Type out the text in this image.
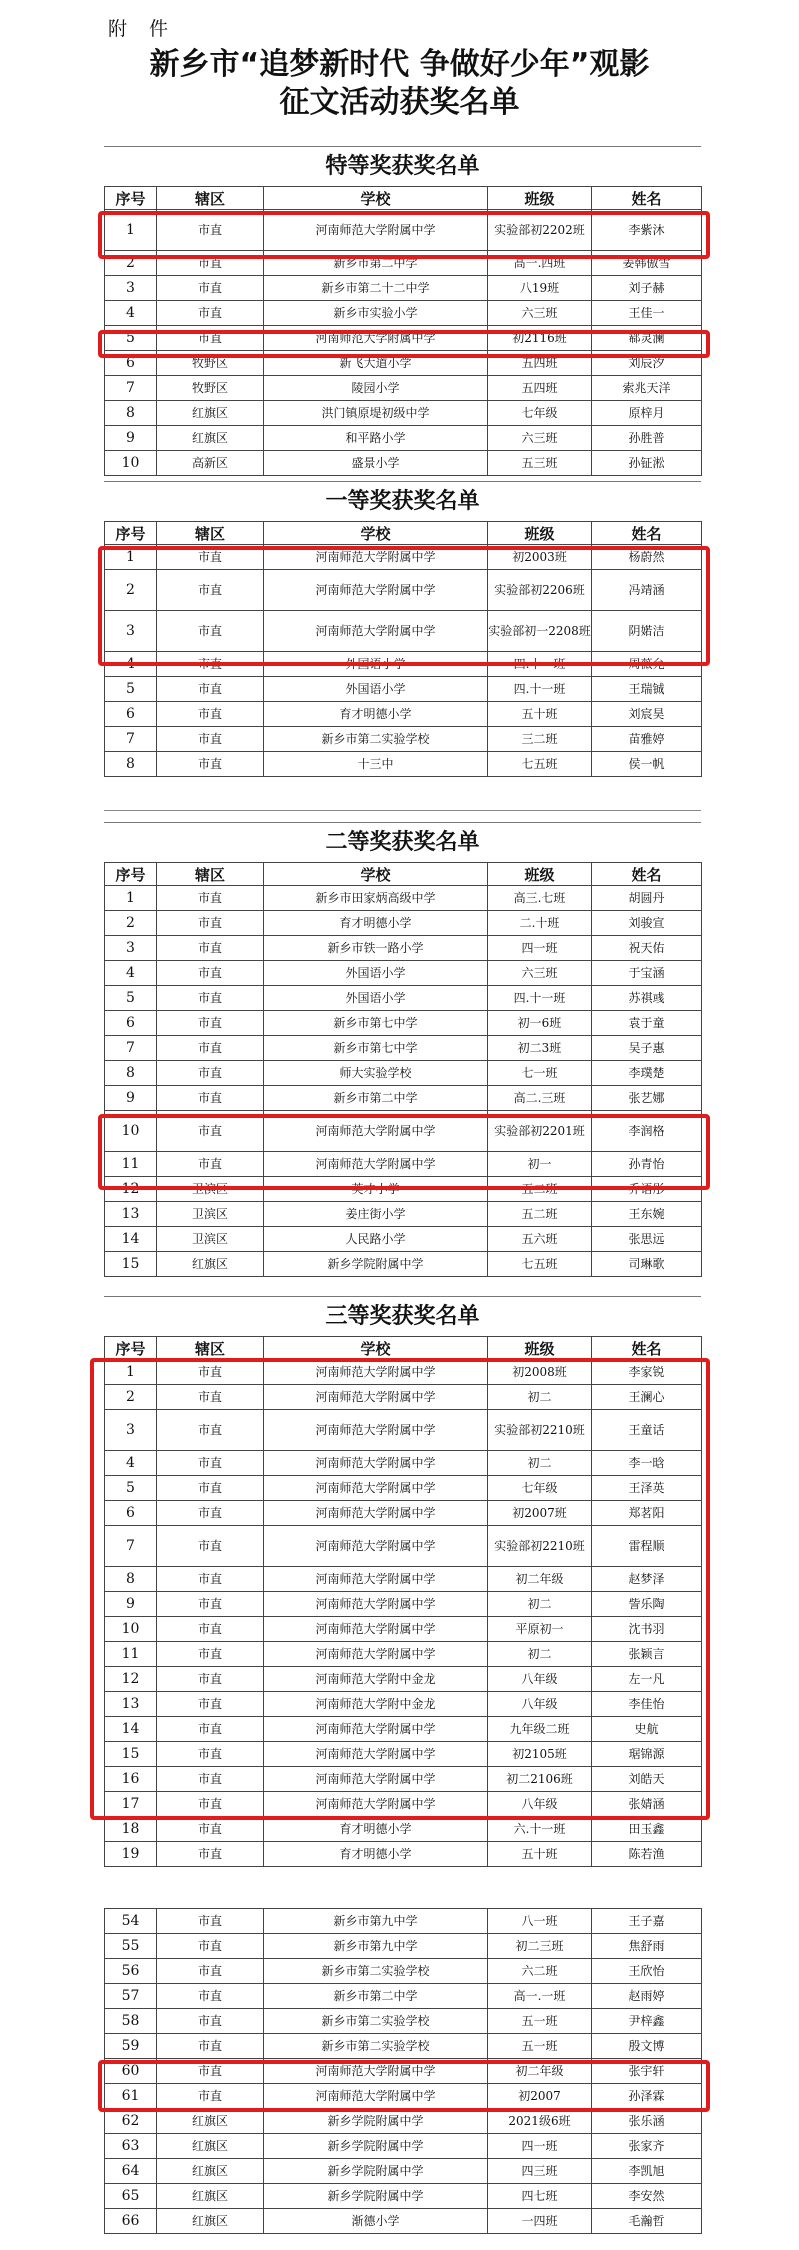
附件
新乡市“追梦新时代 争做好少年”观影
征文活动获奖名单
特等奖获奖名单
序号	辖区	学校	班级	姓名
1	市直	河南师范大学附属中学	实验部初2202班	李紫沐
2	市直	新乡市第二中学	高一.四班	姜韩傲雪
3	市直	新乡市第二十二中学	八19班	刘子赫
4	市直	新乡市实验小学	六三班	王佳一
5	市直	河南师范大学附属中学	初2116班	郗灵澜
6	牧野区	新飞大道小学	五四班	刘辰汐
7	牧野区	陵园小学	五四班	索兆天洋
8	红旗区	洪门镇原堤初级中学	七年级	原梓月
9	红旗区	和平路小学	六三班	孙胜普
10	高新区	盛景小学	五三班	孙钲淞
一等奖获奖名单
序号	辖区	学校	班级	姓名
1	市直	河南师范大学附属中学	初2003班	杨蔚然
2	市直	河南师范大学附属中学	实验部初2206班	冯靖涵
3	市直	河南师范大学附属中学	实验部初一2208班	阴婼洁
4	市直	外国语小学	四.十一班	周薇允
5	市直	外国语小学	四.十一班	王瑞铖
6	市直	育才明德小学	五十班	刘宸昊
7	市直	新乡市第二实验学校	三二班	苗雅婷
8	市直	十三中	七五班	侯一帆
二等奖获奖名单
序号	辖区	学校	班级	姓名
1	市直	新乡市田家炳高级中学	高三.七班	胡圆丹
2	市直	育才明德小学	二.十班	刘骏宣
3	市直	新乡市铁一路小学	四一班	祝天佑
4	市直	外国语小学	六三班	于宝涵
5	市直	外国语小学	四.十一班	苏祺彧
6	市直	新乡市第七中学	初一6班	袁于童
7	市直	新乡市第七中学	初二3班	吴子惠
8	市直	师大实验学校	七一班	李璞楚
9	市直	新乡市第二中学	高二.三班	张艺娜
10	市直	河南师范大学附属中学	实验部初2201班	李润格
11	市直	河南师范大学附属中学	初一	孙青怡
12	卫滨区	英才小学	五二班	乔语彤
13	卫滨区	姜庄街小学	五二班	王东婉
14	卫滨区	人民路小学	五六班	张思远
15	红旗区	新乡学院附属中学	七五班	司琳歌
三等奖获奖名单
序号	辖区	学校	班级	姓名
1	市直	河南师范大学附属中学	初2008班	李家锐
2	市直	河南师范大学附属中学	初二	王澜心
3	市直	河南师范大学附属中学	实验部初2210班	王童话
4	市直	河南师范大学附属中学	初二	李一晗
5	市直	河南师范大学附属中学	七年级	王泽英
6	市直	河南师范大学附属中学	初2007班	郑茗阳
7	市直	河南师范大学附属中学	实验部初2210班	雷程顺
8	市直	河南师范大学附属中学	初二年级	赵梦泽
9	市直	河南师范大学附属中学	初二	訾乐陶
10	市直	河南师范大学附属中学	平原初一	沈书羽
11	市直	河南师范大学附属中学	初二	张颖言
12	市直	河南师范大学附中金龙	八年级	左一凡
13	市直	河南师范大学附中金龙	八年级	李佳怡
14	市直	河南师范大学附属中学	九年级二班	史航
15	市直	河南师范大学附属中学	初2105班	琚锦源
16	市直	河南师范大学附属中学	初二2106班	刘皓天
17	市直	河南师范大学附属中学	八年级	张婧涵
18	市直	育才明德小学	六.十一班	田玉鑫
19	市直	育才明德小学	五十班	陈若渔
54	市直	新乡市第九中学	八一班	王子嘉
55	市直	新乡市第九中学	初二三班	焦舒雨
56	市直	新乡市第二实验学校	六二班	王欣怡
57	市直	新乡市第二中学	高一.一班	赵雨婷
58	市直	新乡市第二实验学校	五一班	尹梓鑫
59	市直	新乡市第二实验学校	五一班	殷文博
60	市直	河南师范大学附属中学	初二年级	张宇轩
61	市直	河南师范大学附属中学	初2007	孙泽霖
62	红旗区	新乡学院附属中学	2021级6班	张乐涵
63	红旗区	新乡学院附属中学	四一班	张家齐
64	红旗区	新乡学院附属中学	四三班	李凯旭
65	红旗区	新乡学院附属中学	四七班	李安然
66	红旗区	渐德小学	一四班	毛瀚哲
